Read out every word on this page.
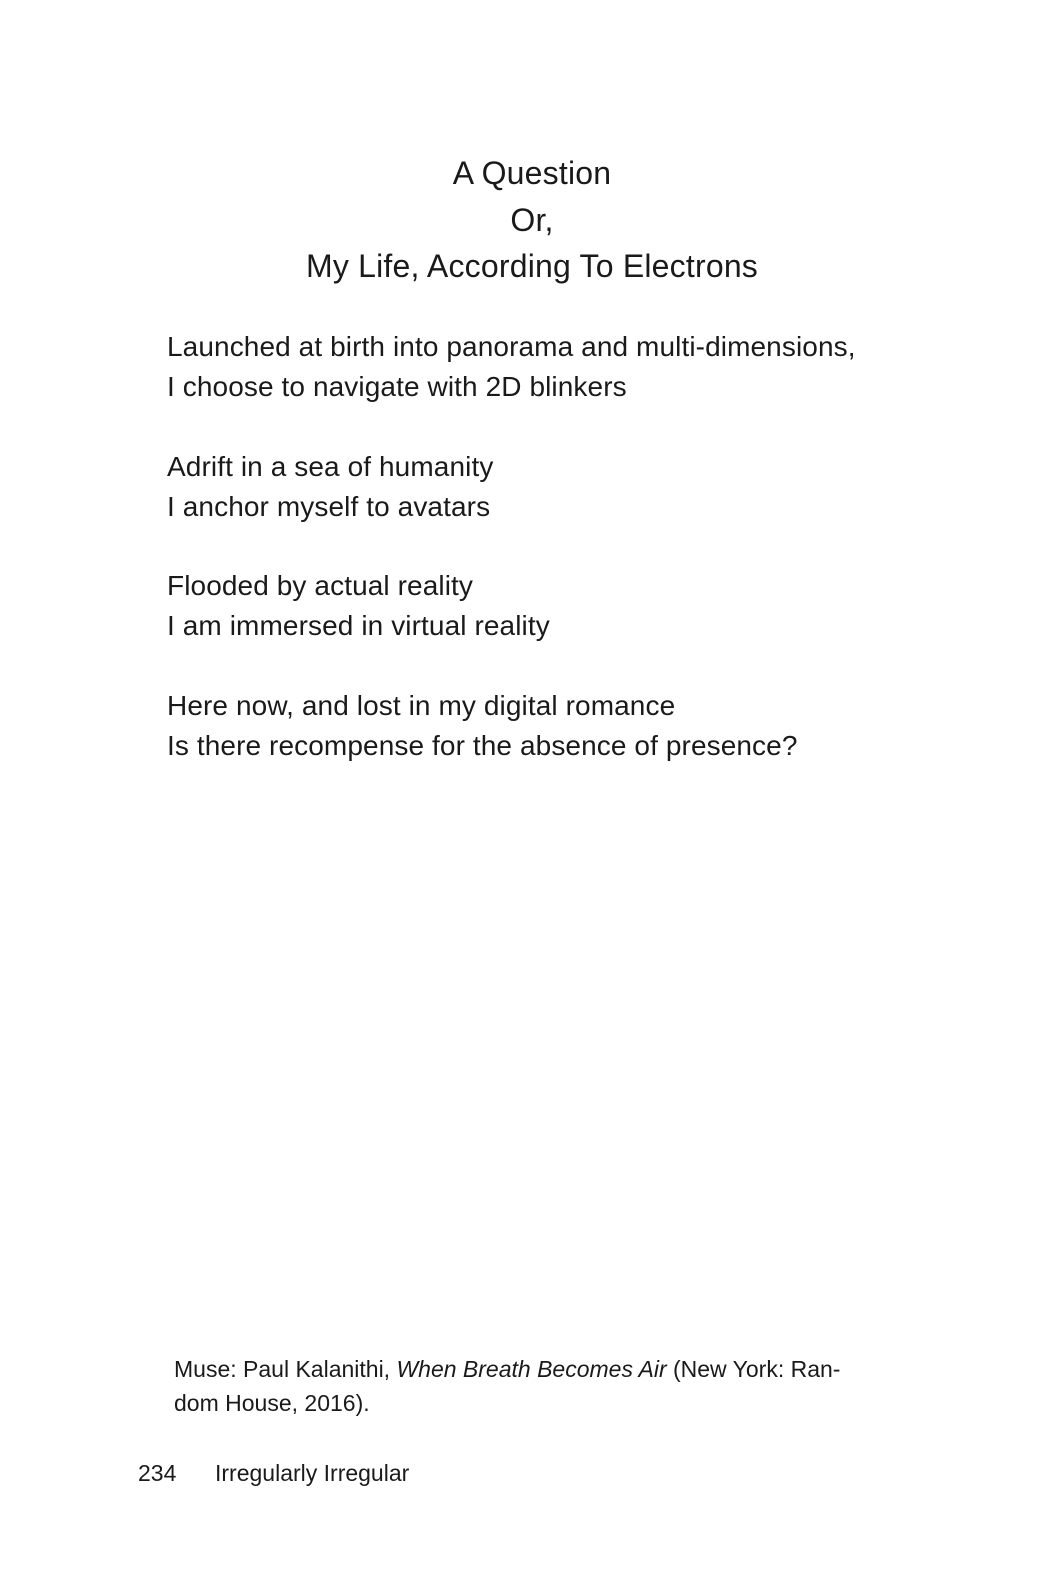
A Question
Or,
My Life, According To Electrons
Launched at birth into panorama and multi-dimensions,
I choose to navigate with 2D blinkers
Adrift in a sea of humanity
I anchor myself to avatars
Flooded by actual reality
I am immersed in virtual reality
Here now, and lost in my digital romance
Is there recompense for the absence of presence?
Muse: Paul Kalanithi, When Breath Becomes Air (New York: Ran-
dom House, 2016).
234 Irregularly Irregular
